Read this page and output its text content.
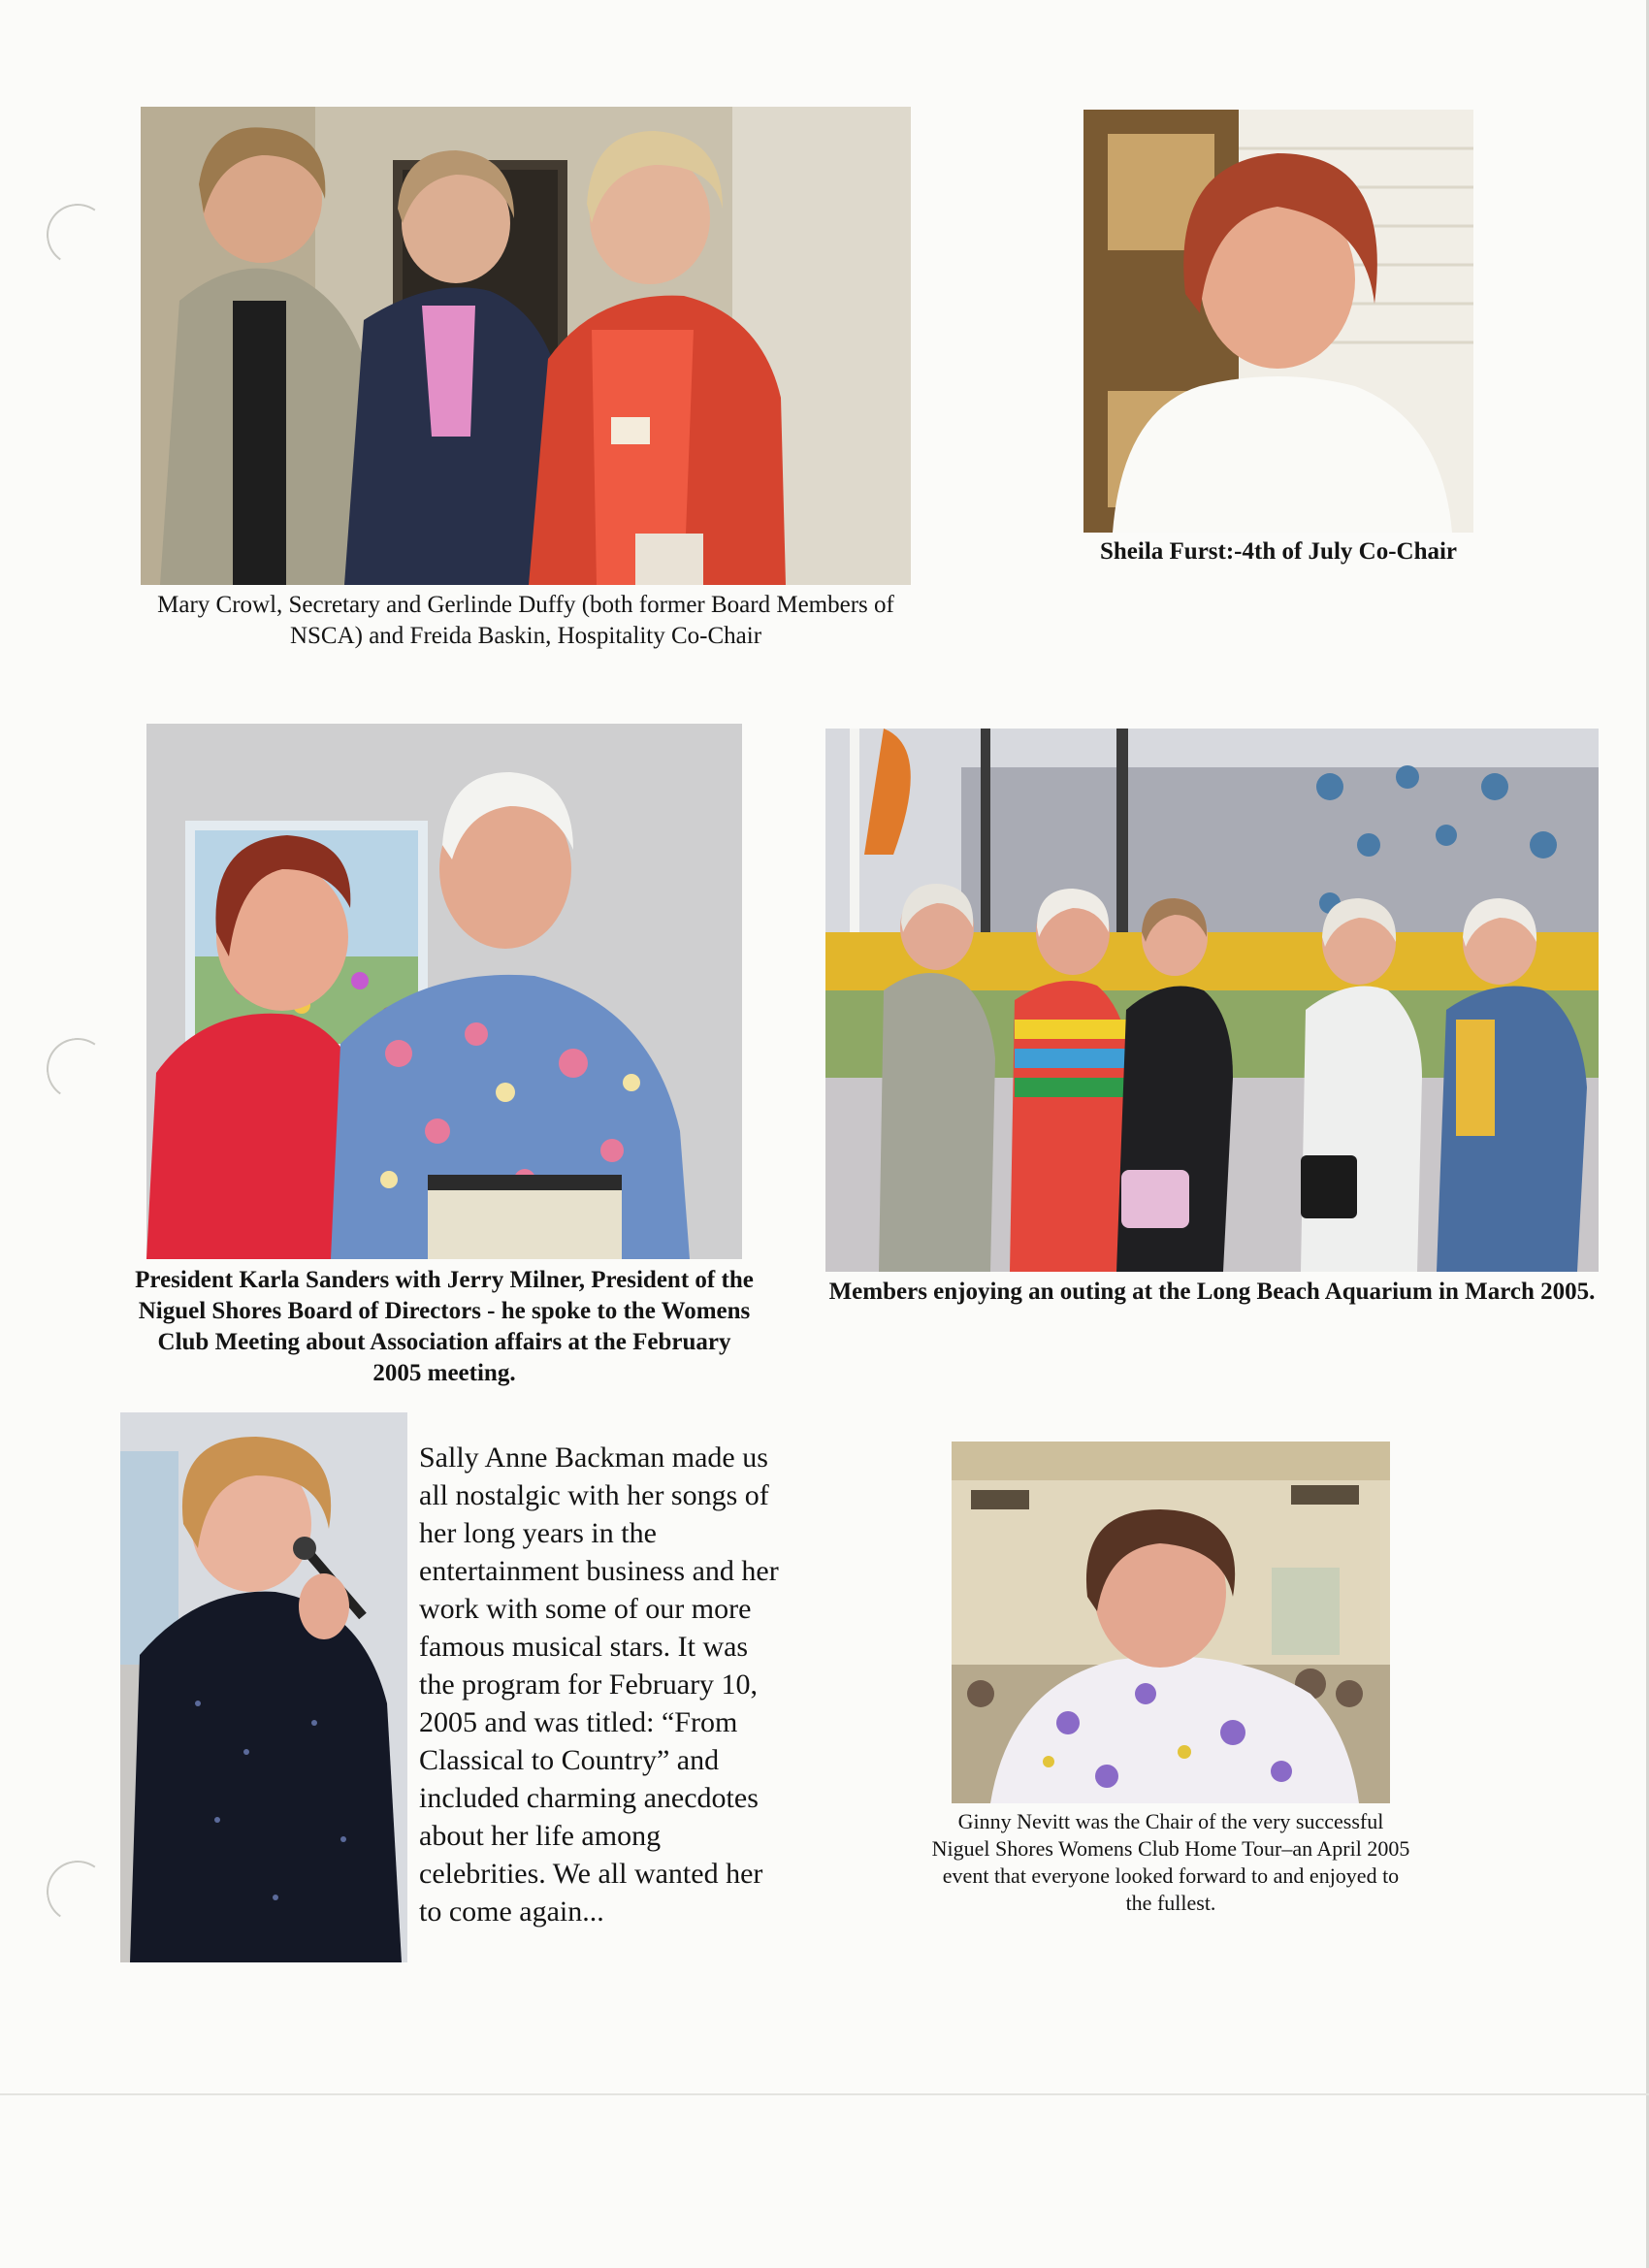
Mary Crowl, Secretary and Gerlinde Duffy (both former Board Members of NSCA) and Freida Baskin, Hospitality Co-Chair
Sheila Furst:-4th of July Co-Chair
President Karla Sanders with Jerry Milner, President of the Niguel Shores Board of Directors - he spoke to the Womens Club Meeting about Association affairs at the February 2005 meeting.
Members enjoying an outing at the Long Beach Aquarium in March 2005.
Sally Anne Backman made us all nostalgic with her songs of her long years in the entertainment business and her work with some of our more famous musical stars. It was the program for February 10, 2005 and was titled: “From Classical to Country” and included charming anecdotes about her life among celebrities. We all wanted her to come again...
Ginny Nevitt was the Chair of the very successful Niguel Shores Womens Club Home Tour–an April 2005 event that everyone looked forward to and enjoyed to the fullest.
